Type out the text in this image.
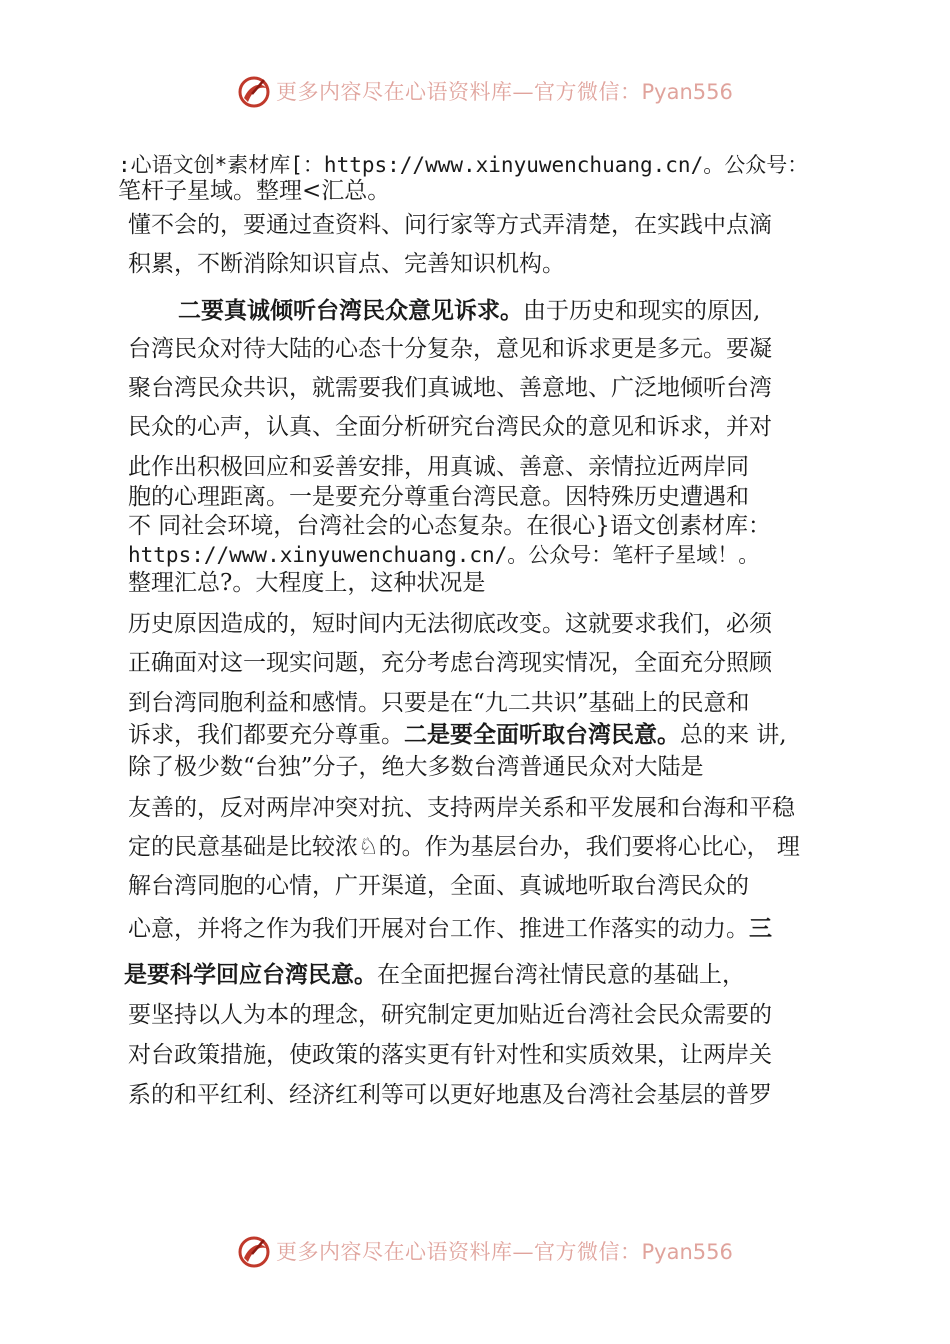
更多内容尽在心语资料库—官方微信：Pyan556
:心语文创*素材库[：https://www.xinyuwenchuang.cn/。公众号：
笔杆子星域。整理<汇总。
懂不会的，要通过查资料、问行家等方式弄清楚，在实践中点滴
积累，不断消除知识盲点、完善知识机构。
二要真诚倾听台湾民众意见诉求。由于历史和现实的原因,
台湾民众对待大陆的心态十分复杂，意见和诉求更是多元。要凝
聚台湾民众共识，就需要我们真诚地、善意地、广泛地倾听台湾
民众的心声，认真、全面分析研究台湾民众的意见和诉求，并对
此作出积极回应和妥善安排，用真诚、善意、亲情拉近两岸同
胞的心理距离。一是要充分尊重台湾民意。因特殊历史遭遇和
不 同社会环境，台湾社会的心态复杂。在很心}语文创素材库：
https://www.xinyuwenchuang.cn/。公众号：笔杆子星域！。
整理汇总?。大程度上，这种状况是
历史原因造成的，短时间内无法彻底改变。这就要求我们，必须
正确面对这一现实问题，充分考虑台湾现实情况，全面充分照顾
到台湾同胞利益和感情。只要是在“九二共识”基础上的民意和
诉求，我们都要充分尊重。二是要全面听取台湾民意。总的来 讲,
除了极少数“台独”分子，绝大多数台湾普通民众对大陆是
友善的，反对两岸冲突对抗、支持两岸关系和平发展和台海和平稳
定的民意基础是比较浓♘的。作为基层台办，我们要将心比心， 理
解台湾同胞的心情，广开渠道，全面、真诚地听取台湾民众的
心意，并将之作为我们开展对台工作、推进工作落实的动力。三
是要科学回应台湾民意。在全面把握台湾社情民意的基础上，
要坚持以人为本的理念，研究制定更加贴近台湾社会民众需要的
对台政策措施，使政策的落实更有针对性和实质效果，让两岸关
系的和平红利、经济红利等可以更好地惠及台湾社会基层的普罗
更多内容尽在心语资料库—官方微信：Pyan556
